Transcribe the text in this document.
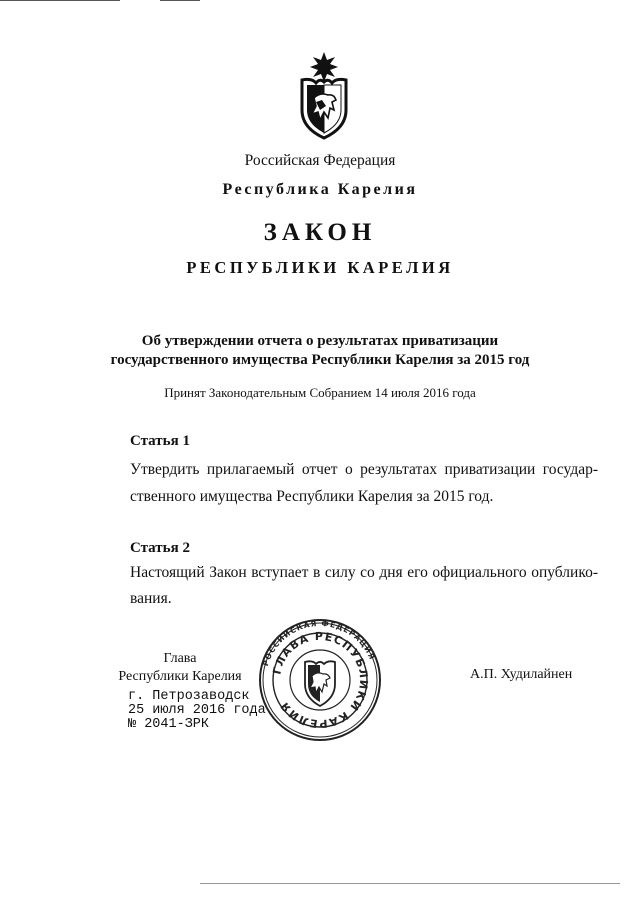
Российская Федерация
Республика Карелия
ЗАКОН
РЕСПУБЛИКИ КАРЕЛИЯ
Об утверждении отчета о результатах приватизации
государственного имущества Республики Карелия за 2015 год
Принят Законодательным Собранием 14 июля 2016 года
Статья 1
Утвердить прилагаемый отчет о результатах приватизации государ-
ственного имущества Республики Карелия за 2015 год.
Статья 2
Настоящий Закон вступает в силу со дня его официального опублико-
вания.
РОССИЙСКАЯ ФЕДЕРАЦИЯ
ГЛАВА РЕСПУБЛИКИ КАРЕЛИЯ
Глава
Республики Карелия	А.П. Худилайнен
г. Петрозаводск
25 июля 2016 года
№ 2041-ЗРК
